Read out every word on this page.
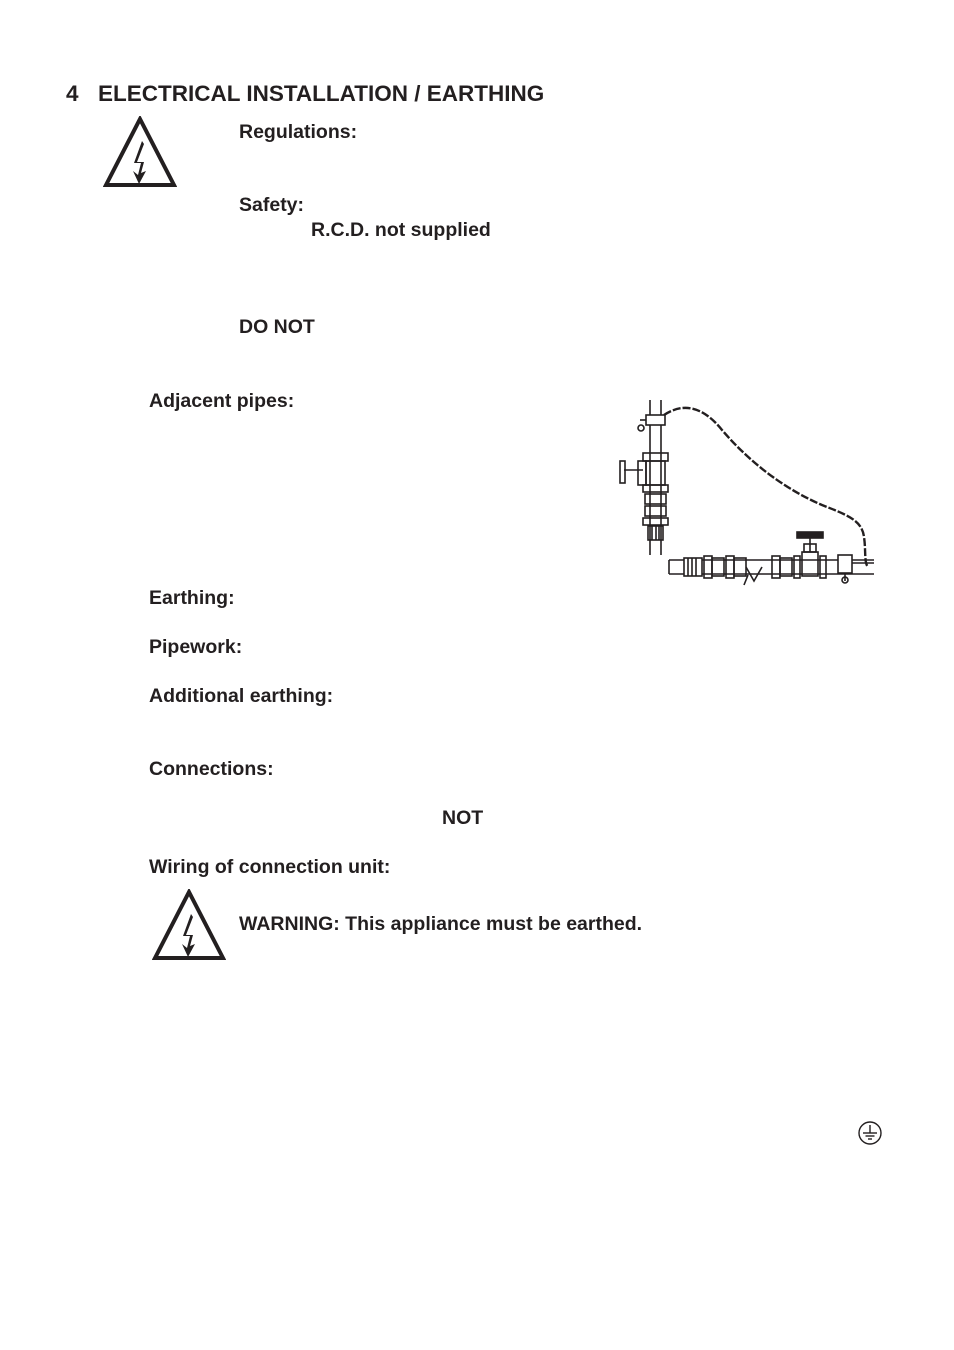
4 ELECTRICAL INSTALLATION / EARTHING
Regulations:
Safety:
R.C.D. not supplied
DO NOT
Adjacent pipes:
Earthing:
Pipework:
Additional earthing:
Connections:
NOT
Wiring of connection unit:
WARNING: This appliance must be earthed.
